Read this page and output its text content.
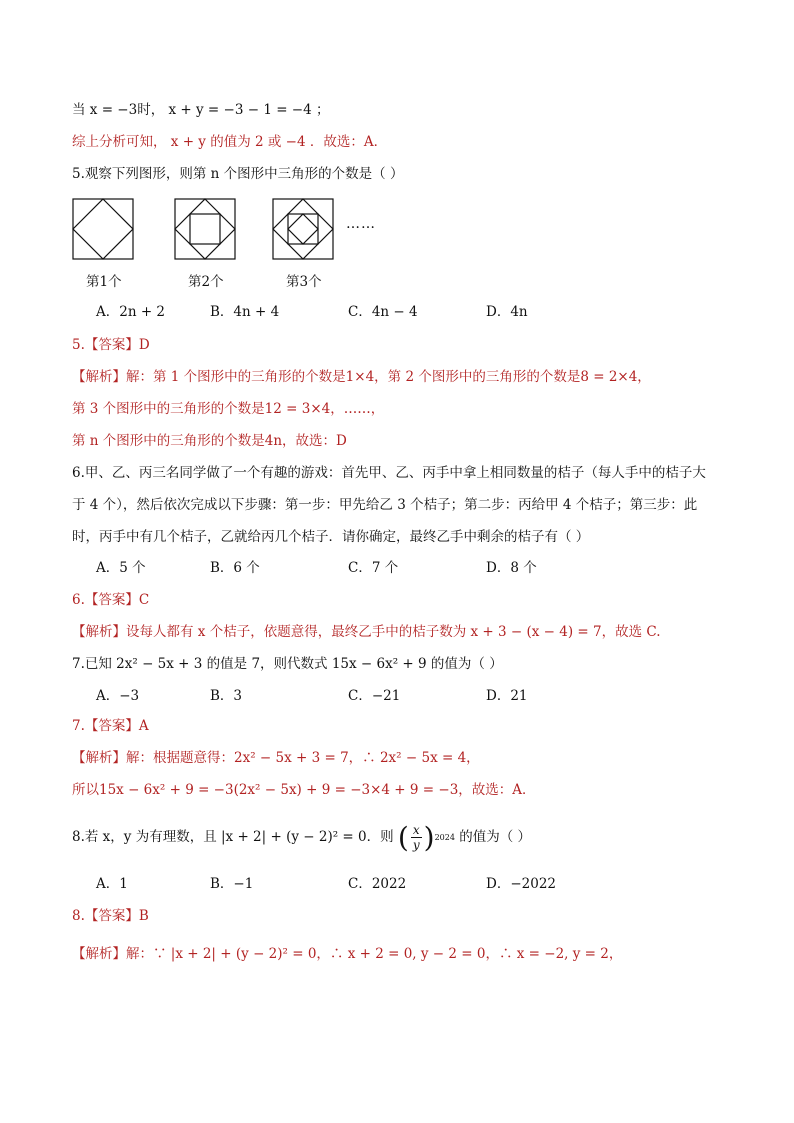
当 x = −3时， x + y = −3 − 1 = −4 ；
综上分析可知， x + y 的值为 2 或 −4 ．故选：A．
5.观察下列图形，则第 n 个图形中三角形的个数是（ ）
……
第1个	第2个	第3个
A．2n + 2	B．4n + 4	C．4n − 4	D．4n
5.【答案】D
【解析】解：第 1 个图形中的三角形的个数是1×4，第 2 个图形中的三角形的个数是8 = 2×4，
第 3 个图形中的三角形的个数是12 = 3×4，……，
第 n 个图形中的三角形的个数是4n，故选：D
6.甲、乙、丙三名同学做了一个有趣的游戏：首先甲、乙、丙手中拿上相同数量的桔子（每人手中的桔子大
于 4 个），然后依次完成以下步骤：第一步：甲先给乙 3 个桔子；第二步：丙给甲 4 个桔子；第三步：此
时，丙手中有几个桔子，乙就给丙几个桔子．请你确定，最终乙手中剩余的桔子有（ ）
A．5 个	B．6 个	C．7 个	D．8 个
6.【答案】C
【解析】设每人都有 x 个桔子，依题意得，最终乙手中的桔子数为 x + 3 − (x − 4) = 7，故选 C.
7.已知 2x² − 5x + 3 的值是 7，则代数式 15x − 6x² + 9 的值为（ ）
A．−3	B．3	C．−21	D．21
7.【答案】A
【解析】解：根据题意得：2x² − 5x + 3 = 7，∴ 2x² − 5x = 4，
所以15x − 6x² + 9 = −3(2x² − 5x) + 9 = −3×4 + 9 = −3，故选：A．
8.若 x，y 为有理数，且 |x + 2| + (y − 2)² = 0．则 ( $\frac{x}{y}$ ) 2024 的值为（ ）
A．1	B．−1	C．2022	D．−2022
8.【答案】B
【解析】解：∵ |x + 2| + (y − 2)² = 0，∴ x + 2 = 0, y − 2 = 0，∴ x = −2, y = 2，
